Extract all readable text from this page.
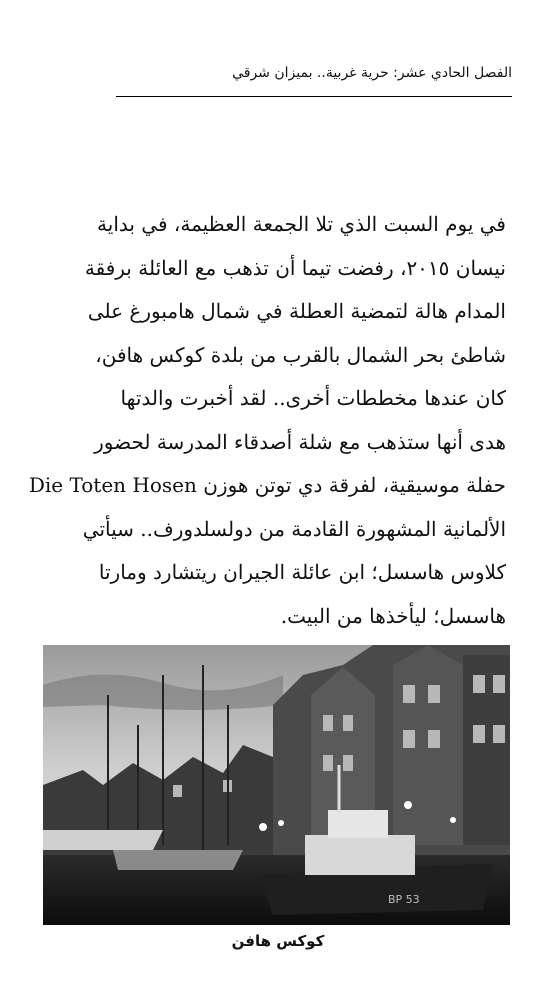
الفصل الحادي عشر: حرية غربية.. بميزان شرقي
في يوم السبت الذي تلا الجمعة العظيمة، في بداية
نيسان ٢٠١٥، رفضت تيما أن تذهب مع العائلة برفقة
المدام هالة لتمضية العطلة في شمال هامبورغ على
شاطئ بحر الشمال بالقرب من بلدة كوكس هافن،
كان عندها مخططات أخرى.. لقد أخبرت والدتها
هدى أنها ستذهب مع شلة أصدقاء المدرسة لحضور
حفلة موسيقية، لفرقة دي توتن هوزن Die Toten Hosen
الألمانية المشهورة القادمة من دولسلدورف.. سيأتي
كلاوس هاسسل؛ ابن عائلة الجيران ريتشارد ومارتا
هاسسل؛ ليأخذها من البيت.
BP 53
كوكس هافن
